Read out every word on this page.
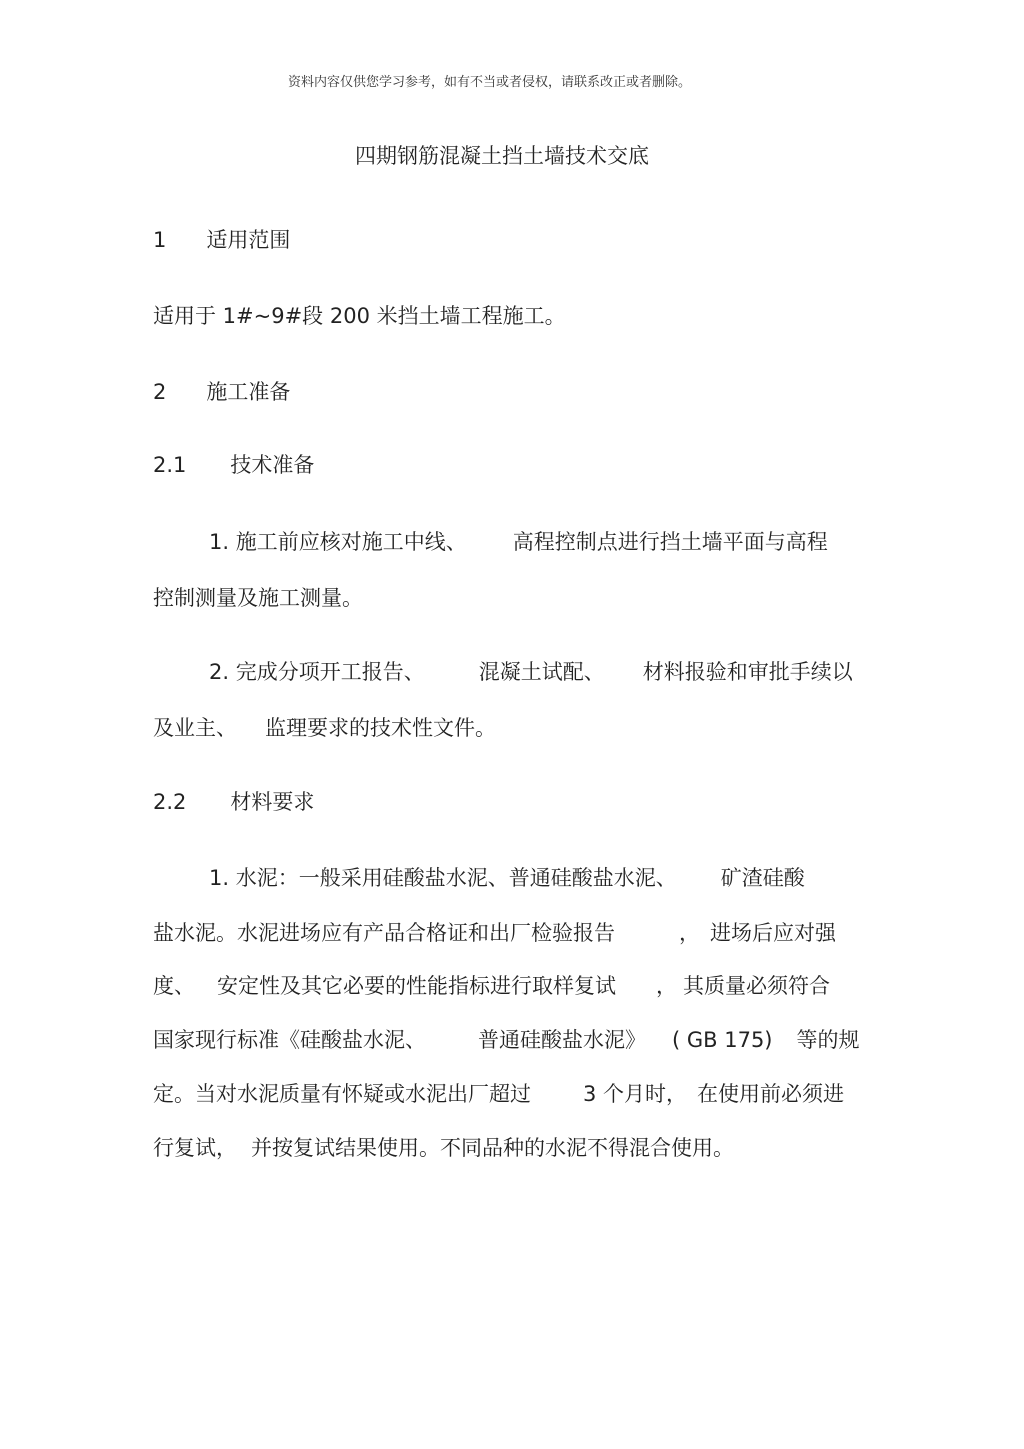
资料内容仅供您学习参考，如有不当或者侵权，请联系改正或者删除。
四期钢筋混凝土挡土墙技术交底
1 适用范围
适用于 1#~9#段 200 米挡土墙工程施工。
2 施工准备
2.1 技术准备
1. 施工前应核对施工中线、 高程控制点进行挡土墙平面与高程
控制测量及施工测量。
2. 完成分项开工报告、	混凝土试配、 材料报验和审批手续以
及业主、 监理要求的技术性文件。
2.2 材料要求
1. 水泥：一般采用硅酸盐水泥、普通硅酸盐水泥、 矿渣硅酸
盐水泥。水泥进场应有产品合格证和出厂检验报告	， 进场后应对强
度、 安定性及其它必要的性能指标进行取样复试 ， 其质量必须符合
国家现行标准《硅酸盐水泥、 普通硅酸盐水泥》 ( GB 175) 等的规
定。当对水泥质量有怀疑或水泥出厂超过 3 个月时， 在使用前必须进
行复试， 并按复试结果使用。不同品种的水泥不得混合使用。
